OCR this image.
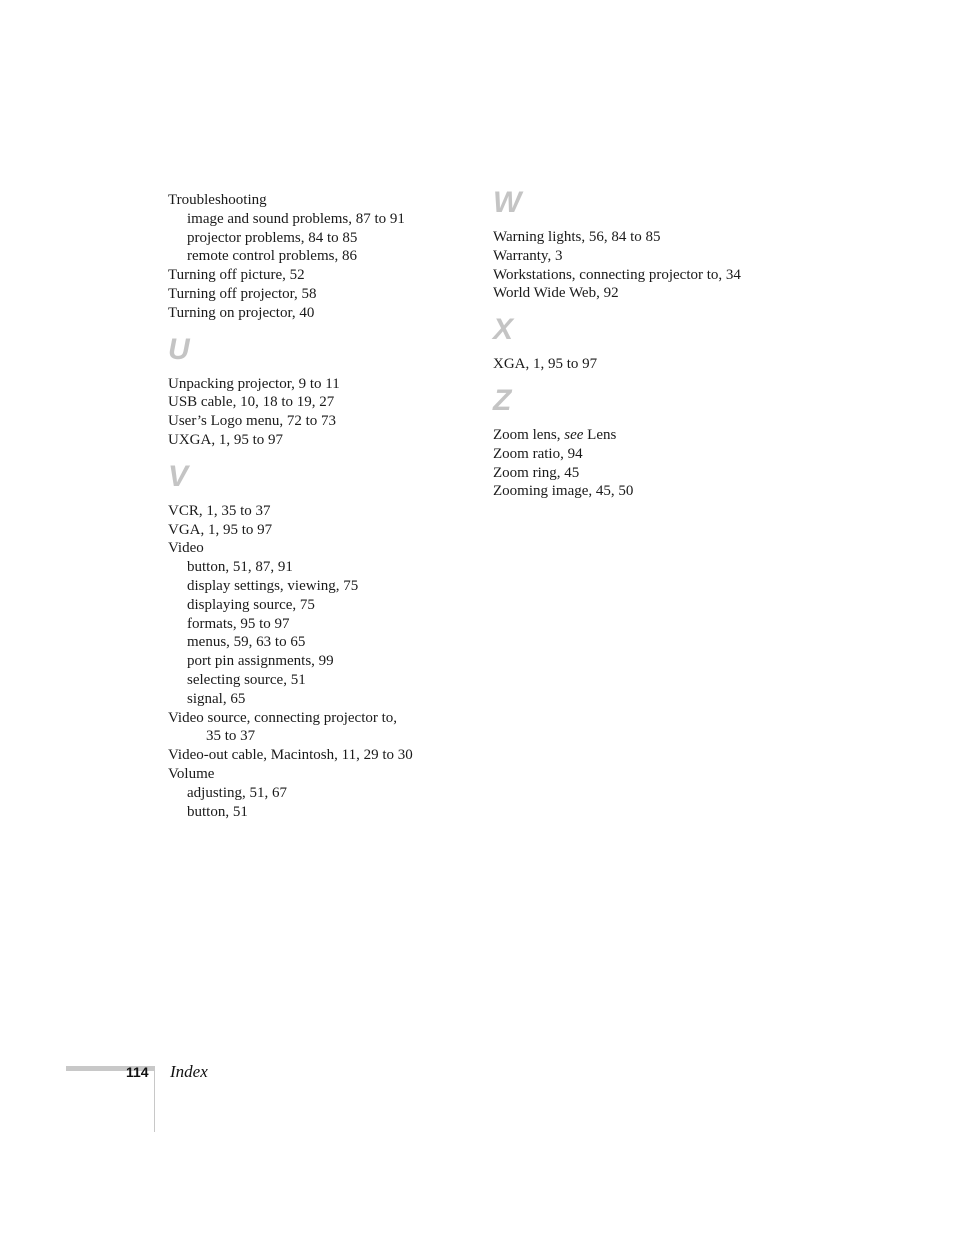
Troubleshooting
image and sound problems, 87 to 91
projector problems, 84 to 85
remote control problems, 86
Turning off picture, 52
Turning off projector, 58
Turning on projector, 40
U
Unpacking projector, 9 to 11
USB cable, 10, 18 to 19, 27
User’s Logo menu, 72 to 73
UXGA, 1, 95 to 97
V
VCR, 1, 35 to 37
VGA, 1, 95 to 97
Video
button, 51, 87, 91
display settings, viewing, 75
displaying source, 75
formats, 95 to 97
menus, 59, 63 to 65
port pin assignments, 99
selecting source, 51
signal, 65
Video source, connecting projector to,
35 to 37
Video-out cable, Macintosh, 11, 29 to 30
Volume
adjusting, 51, 67
button, 51
W
Warning lights, 56, 84 to 85
Warranty, 3
Workstations, connecting projector to, 34
World Wide Web, 92
X
XGA, 1, 95 to 97
Z
Zoom lens, see Lens
Zoom ratio, 94
Zoom ring, 45
Zooming image, 45, 50
114 Index
